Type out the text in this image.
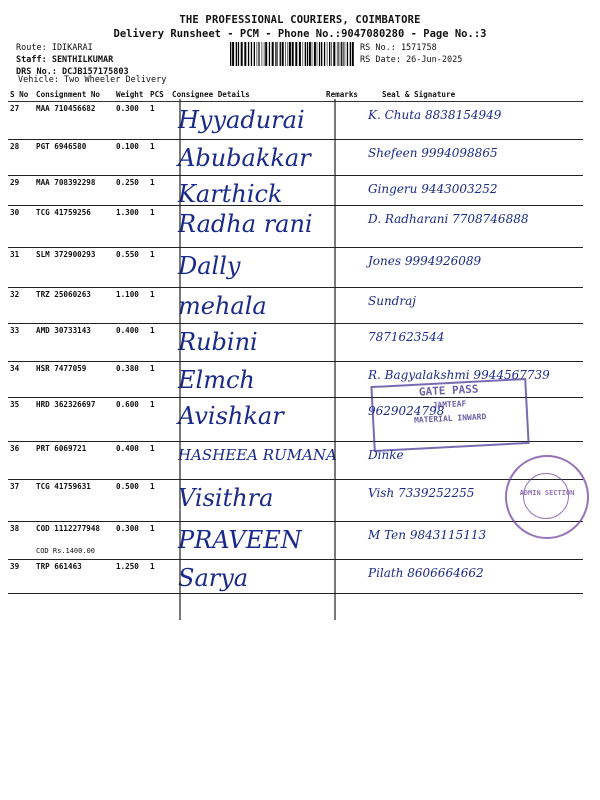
THE PROFESSIONAL COURIERS, COIMBATORE
Delivery Runsheet - PCM - Phone No.:9047080280 - Page No.:3
Route: IDIKARAI
Staff: SENTHILKUMAR
DRS No.: DCJB157175803
RS No.: 1571758
RS Date: 26-Jun-2025
Vehicle: Two Wheeler Delivery
S No	Consignment No	Weight	PCS	Consignee Details	Remarks	Seal & Signature
27	MAA 710456682	0.300	1	Hyyadurai		K. Chuta 8838154949

28	PGT 6946580	0.100	1	Abubakkar		Shefeen 9994098865

29	MAA 708392298	0.250	1	Karthick		Gingeru 9443003252

30	TCG 41759256	1.300	1	Radha rani		D. Radharani 7708746888

31	SLM 372900293	0.550	1	Dally		Jones 9994926089

32	TRZ 25060263	1.100	1	mehala		Sundraj

33	AMD 30733143	0.400	1	Rubini		7871623544

34	HSR 7477059	0.380	1	Elmch		R. Bagyalakshmi 9944567739

35	HRD 362326697	0.600	1	Avishkar		9629024798

36	PRT 6069721	0.400	1	HASHEEA RUMANA		Dinke

37	TCG 41759631	0.500	1	Visithra		Vish 7339252255

38	COD 1112277948
COD Rs.1400.00	0.300	1	PRAVEEN		M Ten 9843115113

39	TRP 661463	1.250	1	Sarya		Pilath 8606664662
GATE PASS
JAMTEAF
MATERIAL INWARD
ADMIN SECTION
